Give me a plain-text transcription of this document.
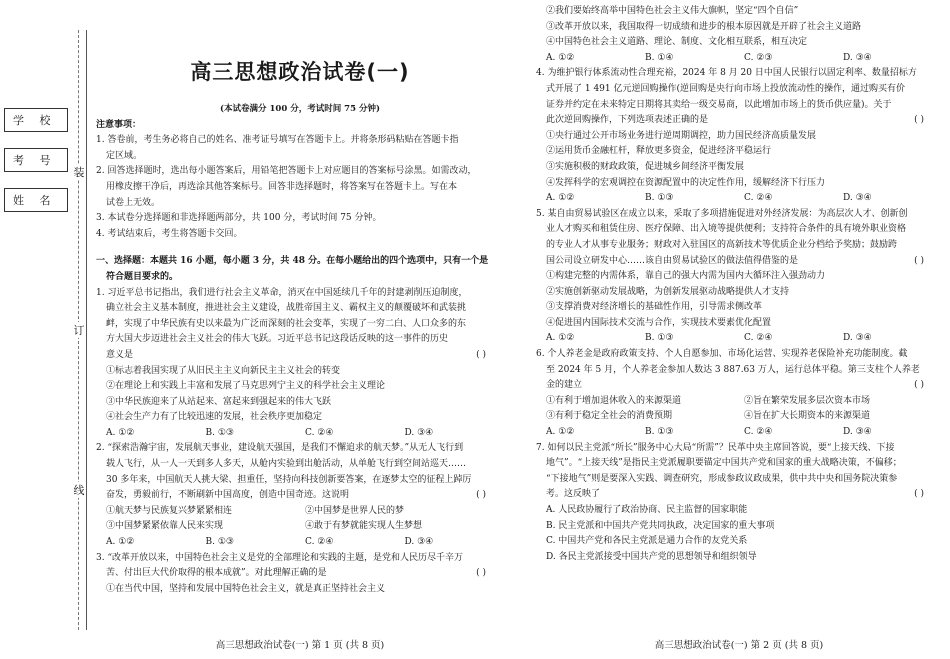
学 校
考 号
姓 名
装
订
线
高三思想政治试卷(一)
(本试卷满分 100 分，考试时间 75 分钟)
注意事项：
1. 答卷前，考生务必将自己的姓名、准考证号填写在答题卡上。并将条形码粘贴在答题卡指
定区域。
2. 回答选择题时，选出每小题答案后，用铅笔把答题卡上对应题目的答案标号涂黑。如需改动，
用橡皮擦干净后，再选涂其他答案标号。回答非选择题时，将答案写在答题卡上。写在本
试卷上无效。
3. 本试卷分选择题和非选择题两部分，共 100 分，考试时间 75 分钟。
4. 考试结束后，考生将答题卡交回。
一、选择题：本题共 16 小题，每小题 3 分，共 48 分。在每小题给出的四个选项中，只有一个是
符合题目要求的。
1. 习近平总书记指出，我们进行社会主义革命，消灭在中国延续几千年的封建剥削压迫制度，
确立社会主义基本制度，推进社会主义建设，战胜帝国主义、霸权主义的颠覆破坏和武装挑
衅，实现了中华民族有史以来最为广泛而深刻的社会变革，实现了一穷二白、人口众多的东
方大国大步迈进社会主义社会的伟大飞跃。习近平总书记这段话反映的这一事件的历史
意义是	( )
①标志着我国实现了从旧民主主义向新民主主义社会的转变
②在理论上和实践上丰富和发展了马克思列宁主义的科学社会主义理论
③中华民族迎来了从站起来、富起来到强起来的伟大飞跃
④社会生产力有了比较迅速的发展，社会秩序更加稳定
A. ①②	B. ①③	C. ②④	D. ③④
2. “探索浩瀚宇宙，发展航天事业，建设航天强国，是我们不懈追求的航天梦。”从无人飞行到
载人飞行，从一人一天到多人多天，从舱内实验到出舱活动，从单舱飞行到空间站巡天……
30 多年来，中国航天人挑大梁、担重任，坚持向科技创新要答案，在逐梦太空的征程上踔厉
奋发，勇毅前行，不断刷新中国高度，创造中国奇迹。这说明	( )
①航天梦与民族复兴梦紧紧相连	②中国梦是世界人民的梦
③中国梦紧紧依靠人民来实现	④敢于有梦就能实现人生梦想
A. ①②	B. ①③	C. ②④	D. ③④
3. “改革开放以来，中国特色社会主义是党的全部理论和实践的主题，是党和人民历尽千辛万
苦、付出巨大代价取得的根本成就”。对此理解正确的是	( )
①在当代中国，坚持和发展中国特色社会主义，就是真正坚持社会主义
高三思想政治试卷(一) 第 1 页 (共 8 页)
②我们要始终高举中国特色社会主义伟大旗帜，坚定“四个自信”
③改革开放以来，我国取得一切成绩和进步的根本原因就是开辟了社会主义道路
④中国特色社会主义道路、理论、制度、文化相互联系，相互决定
A. ①②	B. ①④	C. ②③	D. ③④
4. 为维护银行体系流动性合理充裕，2024 年 8 月 20 日中国人民银行以固定利率、数量招标方
式开展了 1 491 亿元逆回购操作(逆回购是央行向市场上投放流动性的操作，通过购买有价
证券并约定在未来特定日期将其卖给一级交易商，以此增加市场上的货币供应量)。关于
此次逆回购操作，下列选项表述正确的是	( )
①央行通过公开市场业务进行逆周期调控，助力国民经济高质量发展
②运用货币金融杠杆，释放更多资金，促进经济平稳运行
③实施积极的财政政策，促进城乡间经济平衡发展
④发挥科学的宏观调控在资源配置中的决定性作用，缓解经济下行压力
A. ①②	B. ①③	C. ②④	D. ③④
5. 某自由贸易试验区在成立以来，采取了多项措施促进对外经济发展：为高层次人才、创新创
业人才购买和租赁住房、医疗保障、出入境等提供便利；支持符合条件的具有境外职业资格
的专业人才从事专业服务；财政对入驻国区的高新技术等优质企业分档给予奖励；鼓励跨
国公司设立研发中心……该自由贸易试验区的做法值得借鉴的是	( )
①构建完整的内需体系，靠自己的强大内需为国内大循环注入强劲动力
②实施创新驱动发展战略，为创新发展驱动战略提供人才支持
③支撑消费对经济增长的基础性作用，引导需求侧改革
④促进国内国际技术交流与合作，实现技术要素优化配置
A. ①②	B. ①③	C. ②④	D. ③④
6. 个人养老金是政府政策支持、个人自愿参加、市场化运营、实现养老保险补充功能制度。截
至 2024 年 5 月，个人养老金参加人数达 3 887.63 万人，运行总体平稳。第三支柱个人养老
金的建立	( )
①有利于增加退休收入的来源渠道	②旨在繁荣发展多层次资本市场
③有利于稳定全社会的消费预期	④旨在扩大长期资本的来源渠道
A. ①②	B. ①③	C. ②④	D. ③④
7. 如何以民主党派“所长”服务中心大局“所需”？民革中央主席回答说，要“上接天线、下接
地气”。“上接天线”是指民主党派履职要锚定中国共产党和国家的重大战略决策，不偏移；
“下接地气”则是要深入实践、调查研究，形成参政议政成果，供中共中央和国务院决策参
考。这反映了	( )
A. 人民政协履行了政治协商、民主监督的国家职能
B. 民主党派和中国共产党共同执政，决定国家的重大事项
C. 中国共产党和各民主党派是通力合作的友党关系
D. 各民主党派接受中国共产党的思想领导和组织领导
高三思想政治试卷(一) 第 2 页 (共 8 页)
